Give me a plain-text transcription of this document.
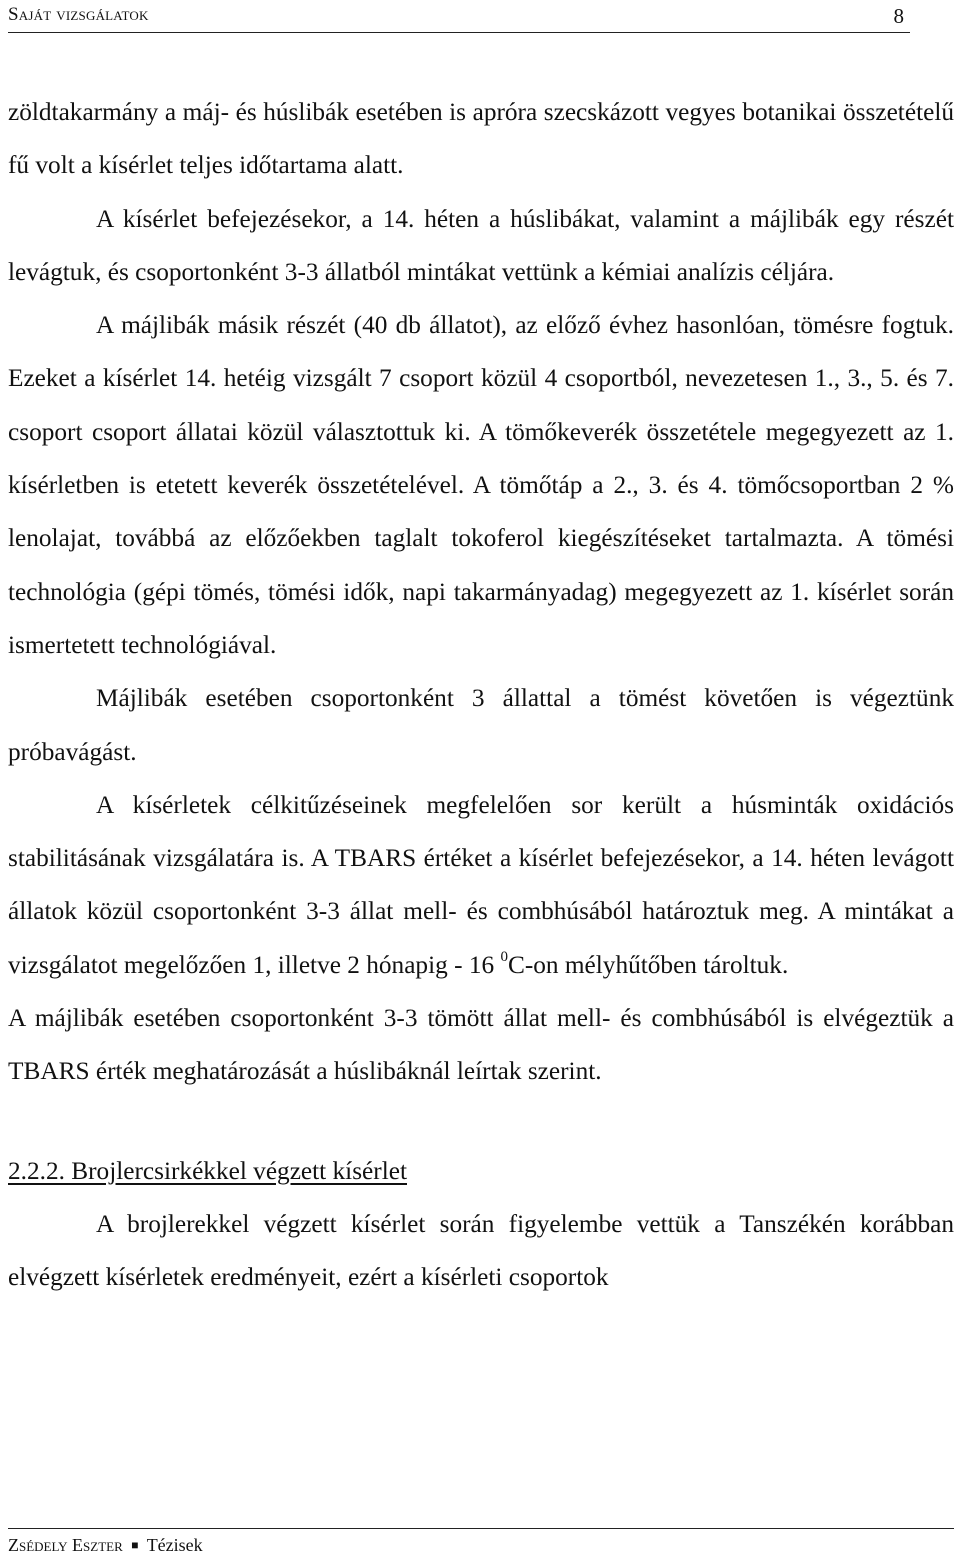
Saját vizsgálatok	8

zöldtakarmány a máj- és húslibák esetében is apróra szecskázott vegyes botanikai összetételű fű volt a kísérlet teljes időtartama alatt.

A kísérlet befejezésekor, a 14. héten a húslibákat, valamint a májlibák egy részét levágtuk, és csoportonként 3-3 állatból mintákat vettünk a kémiai analízis céljára.

A májlibák másik részét (40 db állatot), az előző évhez hasonlóan, tömésre fogtuk. Ezeket a kísérlet 14. hetéig vizsgált 7 csoport közül 4 csoportból, nevezetesen 1., 3., 5. és 7. csoport csoport állatai közül választottuk ki. A tömőkeverék összetétele megegyezett az 1. kísérletben is etetett keverék összetételével. A tömőtáp a 2., 3. és 4. tömőcsoportban 2 % lenolajat, továbbá az előzőekben taglalt tokoferol kiegészítéseket tartalmazta. A tömési technológia (gépi tömés, tömési idők, napi takarmányadag) megegyezett az 1. kísérlet során ismertetett technológiával.

Májlibák esetében csoportonként 3 állattal a tömést követően is végeztünk próbavágást.

A kísérletek célkitűzéseinek megfelelően sor került a húsminták oxidációs stabilitásának vizsgálatára is. A TBARS értéket a kísérlet befejezésekor, a 14. héten levágott állatok közül csoportonként 3-3 állat mell- és combhúsából határoztuk meg. A mintákat a vizsgálatot megelőzően 1, illetve 2 hónapig - 16 $^0$C-on mélyhűtőben tároltuk.

A májlibák esetében csoportonként 3-3 tömött állat mell- és combhúsából is elvégeztük a TBARS érték meghatározását a húslibáknál leírtak szerint.

2.2.2. Brojlercsirkékkel végzett kísérlet

A brojlerekkel végzett kísérlet során figyelembe vettük a Tanszékén korábban elvégzett kísérletek eredményeit, ezért a kísérleti csoportok

Zsédely Eszter ■ Tézisek
